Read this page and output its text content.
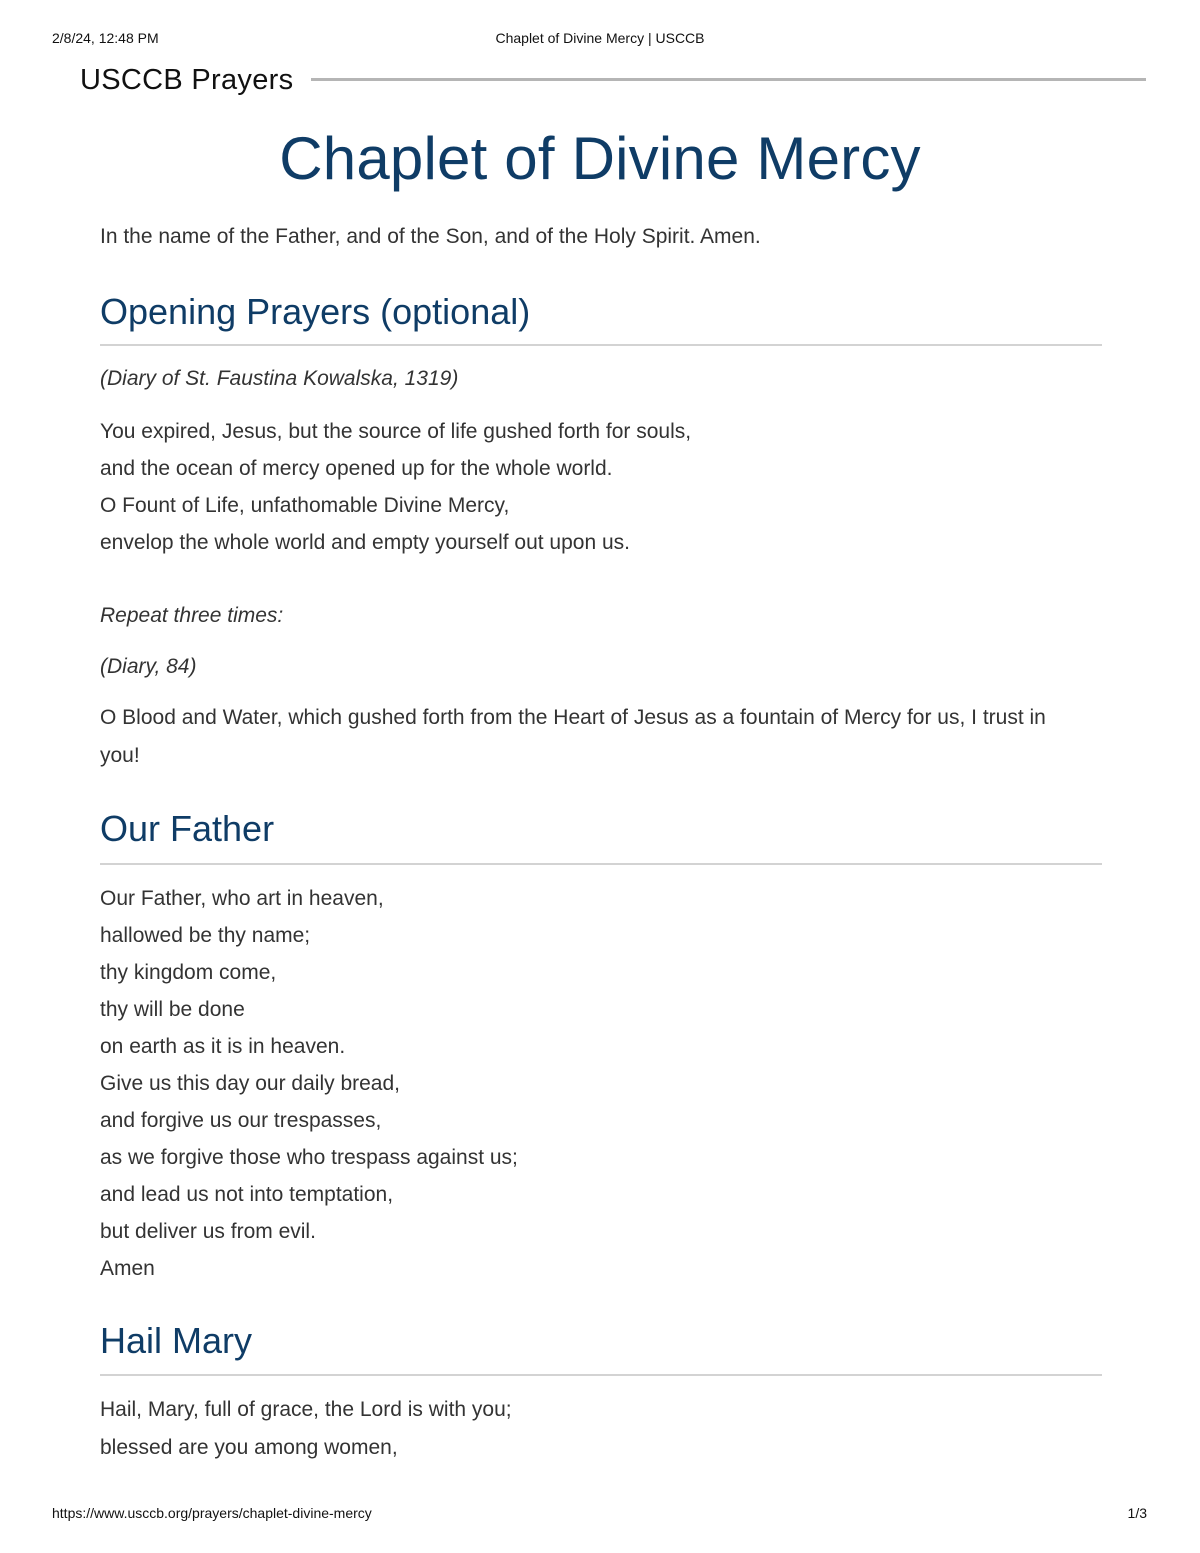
2/8/24, 12:48 PM	Chaplet of Divine Mercy | USCCB
USCCB Prayers
Chaplet of Divine Mercy

In the name of the Father, and of the Son, and of the Holy Spirit. Amen.

Opening Prayers (optional)

(Diary of St. Faustina Kowalska, 1319)

You expired, Jesus, but the source of life gushed forth for souls,
and the ocean of mercy opened up for the whole world.
O Fount of Life, unfathomable Divine Mercy,
envelop the whole world and empty yourself out upon us.

Repeat three times:

(Diary, 84)

O Blood and Water, which gushed forth from the Heart of Jesus as a fountain of Mercy for us, I trust in you!

Our Father
Our Father, who art in heaven,
hallowed be thy name;
thy kingdom come,
thy will be done
on earth as it is in heaven.
Give us this day our daily bread,
and forgive us our trespasses,
as we forgive those who trespass against us;
and lead us not into temptation,
but deliver us from evil.
Amen
Hail Mary
Hail, Mary, full of grace, the Lord is with you;
blessed are you among women,
https://www.usccb.org/prayers/chaplet-divine-mercy	1/3
